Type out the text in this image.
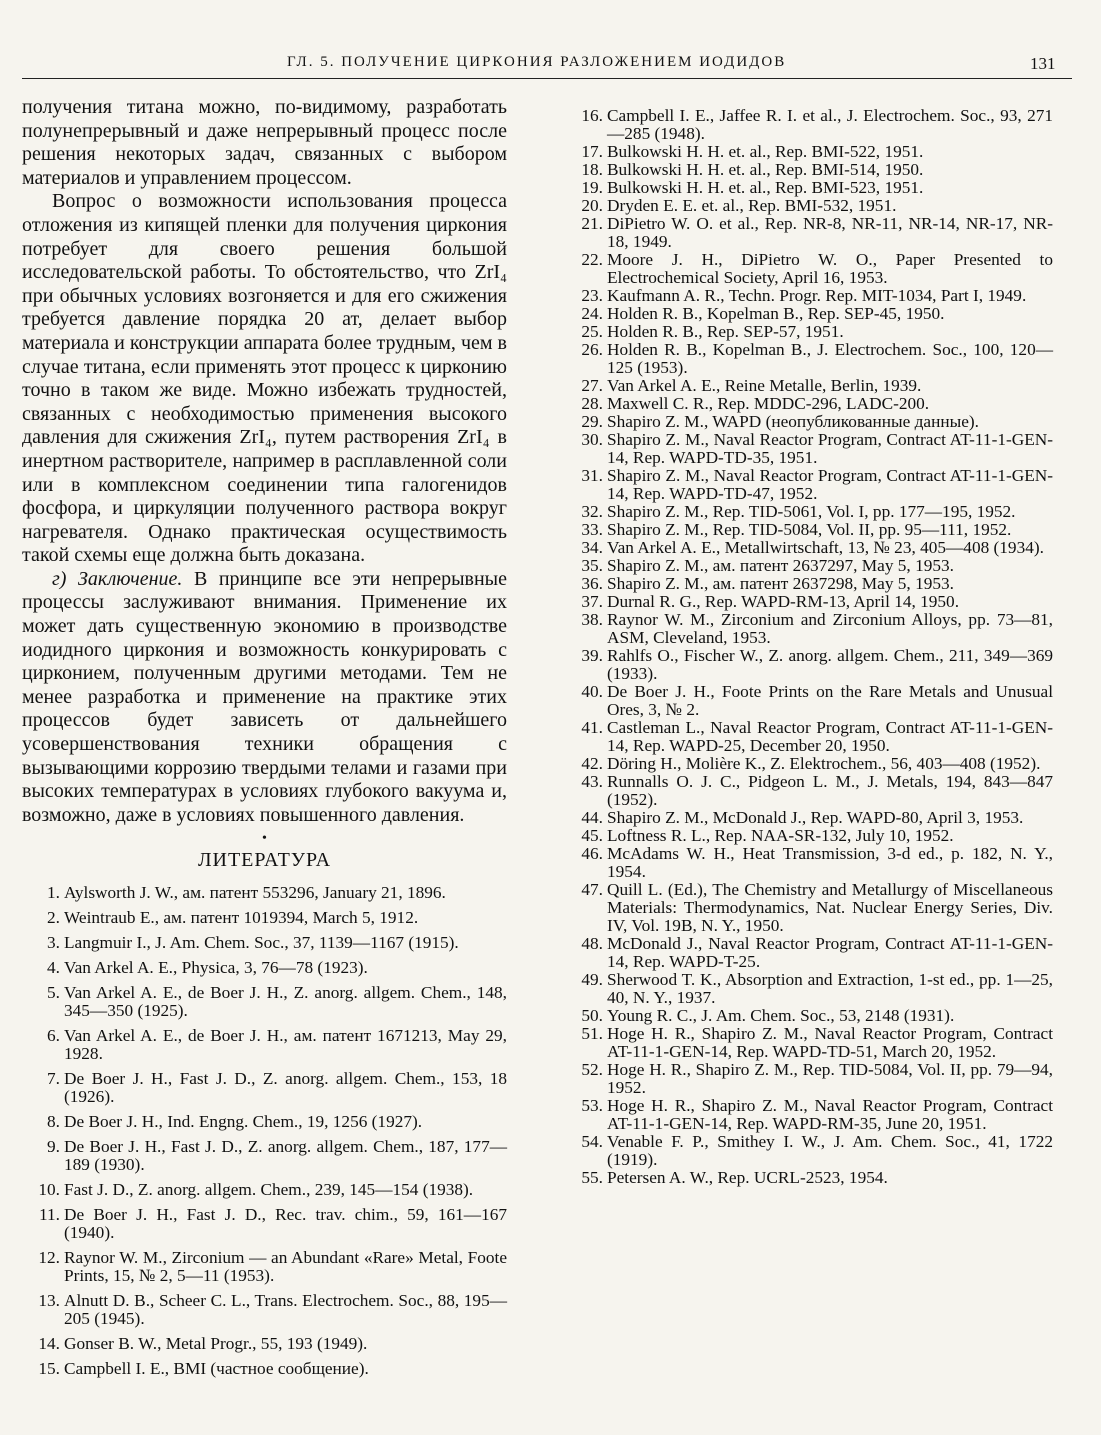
ГЛ. 5. ПОЛУЧЕНИЕ ЦИРКОНИЯ РАЗЛОЖЕНИЕМ ИОДИДОВ	131

получения титана можно, по-видимому, разработать полунепрерывный и даже непрерывный процесс после решения некоторых задач, связанных с выбором материалов и управлением процессом.

Вопрос о возможности использования процесса отложения из кипящей пленки для получения циркония потребует для своего решения большой исследовательской работы. То обстоятельство, что ZrI₄ при обычных условиях возгоняется и для его сжижения требуется давление порядка 20 ат, делает выбор материала и конструкции аппарата более трудным, чем в случае титана, если применять этот процесс к цирконию точно в таком же виде. Можно избежать трудностей, связанных с необходимостью применения высокого давления для сжижения ZrI₄, путем растворения ZrI₄ в инертном растворителе, например в расплавленной соли или в комплексном соединении типа галогенидов фосфора, и циркуляции полученного раствора вокруг нагревателя. Однако практическая осуществимость такой схемы еще должна быть доказана.

г) Заключение. В принципе все эти непрерывные процессы заслуживают внимания. Применение их может дать существенную экономию в производстве иодидного циркония и возможность конкурировать с цирконием, полученным другими методами. Тем не менее разработка и применение на практике этих процессов будет зависеть от дальнейшего усовершенствования техники обращения с вызывающими коррозию твердыми телами и газами при высоких температурах в условиях глубокого вакуума и, возможно, даже в условиях повышенного давления.

•
ЛИТЕРАТУРА
1. Aylsworth J. W., ам. патент 553296, January 21, 1896.
2. Weintraub E., ам. патент 1019394, March 5, 1912.
3. Langmuir I., J. Am. Chem. Soc., 37, 1139—1167 (1915).
4. Van Arkel A. E., Physica, 3, 76—78 (1923).
5. Van Arkel A. E., de Boer J. H., Z. anorg. allgem. Chem., 148, 345—350 (1925).
6. Van Arkel A. E., de Boer J. H., ам. патент 1671213, May 29, 1928.
7. De Boer J. H., Fast J. D., Z. anorg. allgem. Chem., 153, 18 (1926).
8. De Boer J. H., Ind. Engng. Chem., 19, 1256 (1927).
9. De Boer J. H., Fast J. D., Z. anorg. allgem. Chem., 187, 177—189 (1930).
10. Fast J. D., Z. anorg. allgem. Chem., 239, 145—154 (1938).
11. De Boer J. H., Fast J. D., Rec. trav. chim., 59, 161—167 (1940).
12. Raynor W. M., Zirconium — an Abundant «Rare» Metal, Foote Prints, 15, № 2, 5—11 (1953).
13. Alnutt D. B., Scheer C. L., Trans. Electrochem. Soc., 88, 195—205 (1945).
14. Gonser B. W., Metal Progr., 55, 193 (1949).
15. Campbell I. E., BMI (частное сообщение).
16. Campbell I. E., Jaffee R. I. et al., J. Electrochem. Soc., 93, 271—285 (1948).
17. Bulkowski H. H. et. al., Rep. BMI-522, 1951.
18. Bulkowski H. H. et. al., Rep. BMI-514, 1950.
19. Bulkowski H. H. et. al., Rep. BMI-523, 1951.
20. Dryden E. E. et. al., Rep. BMI-532, 1951.
21. DiPietro W. O. et al., Rep. NR-8, NR-11, NR-14, NR-17, NR-18, 1949.
22. Moore J. H., DiPietro W. O., Paper Presented to Electrochemical Society, April 16, 1953.
23. Kaufmann A. R., Techn. Progr. Rep. MIT-1034, Part I, 1949.
24. Holden R. B., Kopelman B., Rep. SEP-45, 1950.
25. Holden R. B., Rep. SEP-57, 1951.
26. Holden R. B., Kopelman B., J. Electrochem. Soc., 100, 120—125 (1953).
27. Van Arkel A. E., Reine Metalle, Berlin, 1939.
28. Maxwell C. R., Rep. MDDC-296, LADC-200.
29. Shapiro Z. M., WAPD (неопубликованные данные).
30. Shapiro Z. M., Naval Reactor Program, Contract AT-11-1-GEN-14, Rep. WAPD-TD-35, 1951.
31. Shapiro Z. M., Naval Reactor Program, Contract AT-11-1-GEN-14, Rep. WAPD-TD-47, 1952.
32. Shapiro Z. M., Rep. TID-5061, Vol. I, pp. 177—195, 1952.
33. Shapiro Z. M., Rep. TID-5084, Vol. II, pp. 95—111, 1952.
34. Van Arkel A. E., Metallwirtschaft, 13, № 23, 405—408 (1934).
35. Shapiro Z. M., ам. патент 2637297, May 5, 1953.
36. Shapiro Z. M., ам. патент 2637298, May 5, 1953.
37. Durnal R. G., Rep. WAPD-RM-13, April 14, 1950.
38. Raynor W. M., Zirconium and Zirconium Alloys, pp. 73—81, ASM, Cleveland, 1953.
39. Rahlfs O., Fischer W., Z. anorg. allgem. Chem., 211, 349—369 (1933).
40. De Boer J. H., Foote Prints on the Rare Metals and Unusual Ores, 3, № 2.
41. Castleman L., Naval Reactor Program, Contract AT-11-1-GEN-14, Rep. WAPD-25, December 20, 1950.
42. Döring H., Molière K., Z. Elektrochem., 56, 403—408 (1952).
43. Runnalls O. J. C., Pidgeon L. M., J. Metals, 194, 843—847 (1952).
44. Shapiro Z. M., McDonald J., Rep. WAPD-80, April 3, 1953.
45. Loftness R. L., Rep. NAA-SR-132, July 10, 1952.
46. McAdams W. H., Heat Transmission, 3-d ed., p. 182, N. Y., 1954.
47. Quill L. (Ed.), The Chemistry and Metallurgy of Miscellaneous Materials: Thermodynamics, Nat. Nuclear Energy Series, Div. IV, Vol. 19B, N. Y., 1950.
48. McDonald J., Naval Reactor Program, Contract AT-11-1-GEN-14, Rep. WAPD-T-25.
49. Sherwood T. K., Absorption and Extraction, 1-st ed., pp. 1—25, 40, N. Y., 1937.
50. Young R. C., J. Am. Chem. Soc., 53, 2148 (1931).
51. Hoge H. R., Shapiro Z. M., Naval Reactor Program, Contract AT-11-1-GEN-14, Rep. WAPD-TD-51, March 20, 1952.
52. Hoge H. R., Shapiro Z. M., Rep. TID-5084, Vol. II, pp. 79—94, 1952.
53. Hoge H. R., Shapiro Z. M., Naval Reactor Program, Contract AT-11-1-GEN-14, Rep. WAPD-RM-35, June 20, 1951.
54. Venable F. P., Smithey I. W., J. Am. Chem. Soc., 41, 1722 (1919).
55. Petersen A. W., Rep. UCRL-2523, 1954.
